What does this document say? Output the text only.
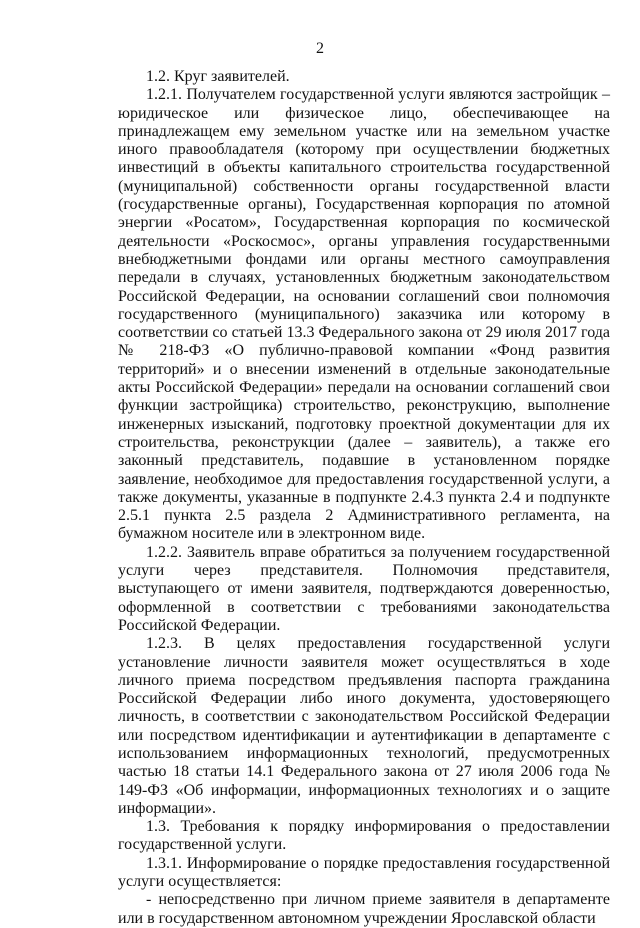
2

1.2. Круг заявителей.

1.2.1. Получателем государственной услуги являются застройщик – юридическое или физическое лицо, обеспечивающее на принадлежащем ему земельном участке или на земельном участке иного правообладателя (которому при осуществлении бюджетных инвестиций в объекты капитального строительства государственной (муниципальной) собственности органы государственной власти (государственные органы), Государственная корпорация по атомной энергии «Росатом», Государственная корпорация по космической деятельности «Роскосмос», органы управления государственными внебюджетными фондами или органы местного самоуправления передали в случаях, установленных бюджетным законодательством Российской Федерации, на основании соглашений свои полномочия государственного (муниципального) заказчика или которому в соответствии со статьей 13.3 Федерального закона от 29 июля 2017 года № 218-ФЗ «О публично-правовой компании «Фонд развития территорий» и о внесении изменений в отдельные законодательные акты Российской Федерации» передали на основании соглашений свои функции застройщика) строительство, реконструкцию, выполнение инженерных изысканий, подготовку проектной документации для их строительства, реконструкции (далее – заявитель), а также его законный представитель, подавшие в установленном порядке заявление, необходимое для предоставления государственной услуги, а также документы, указанные в подпункте 2.4.3 пункта 2.4 и подпункте 2.5.1 пункта 2.5 раздела 2 Административного регламента, на бумажном носителе или в электронном виде.

1.2.2. Заявитель вправе обратиться за получением государственной услуги через представителя. Полномочия представителя, выступающего от имени заявителя, подтверждаются доверенностью, оформленной в соответствии с требованиями законодательства Российской Федерации.

1.2.3. В целях предоставления государственной услуги установление личности заявителя может осуществляться в ходе личного приема посредством предъявления паспорта гражданина Российской Федерации либо иного документа, удостоверяющего личность, в соответствии с законодательством Российской Федерации или посредством идентификации и аутентификации в департаменте с использованием информационных технологий, предусмотренных частью 18 статьи 14.1 Федерального закона от 27 июля 2006 года № 149-ФЗ «Об информации, информационных технологиях и о защите информации».

1.3. Требования к порядку информирования о предоставлении государственной услуги.

1.3.1. Информирование о порядке предоставления государственной услуги осуществляется:

- непосредственно при личном приеме заявителя в департаменте или в государственном автономном учреждении Ярославской области
